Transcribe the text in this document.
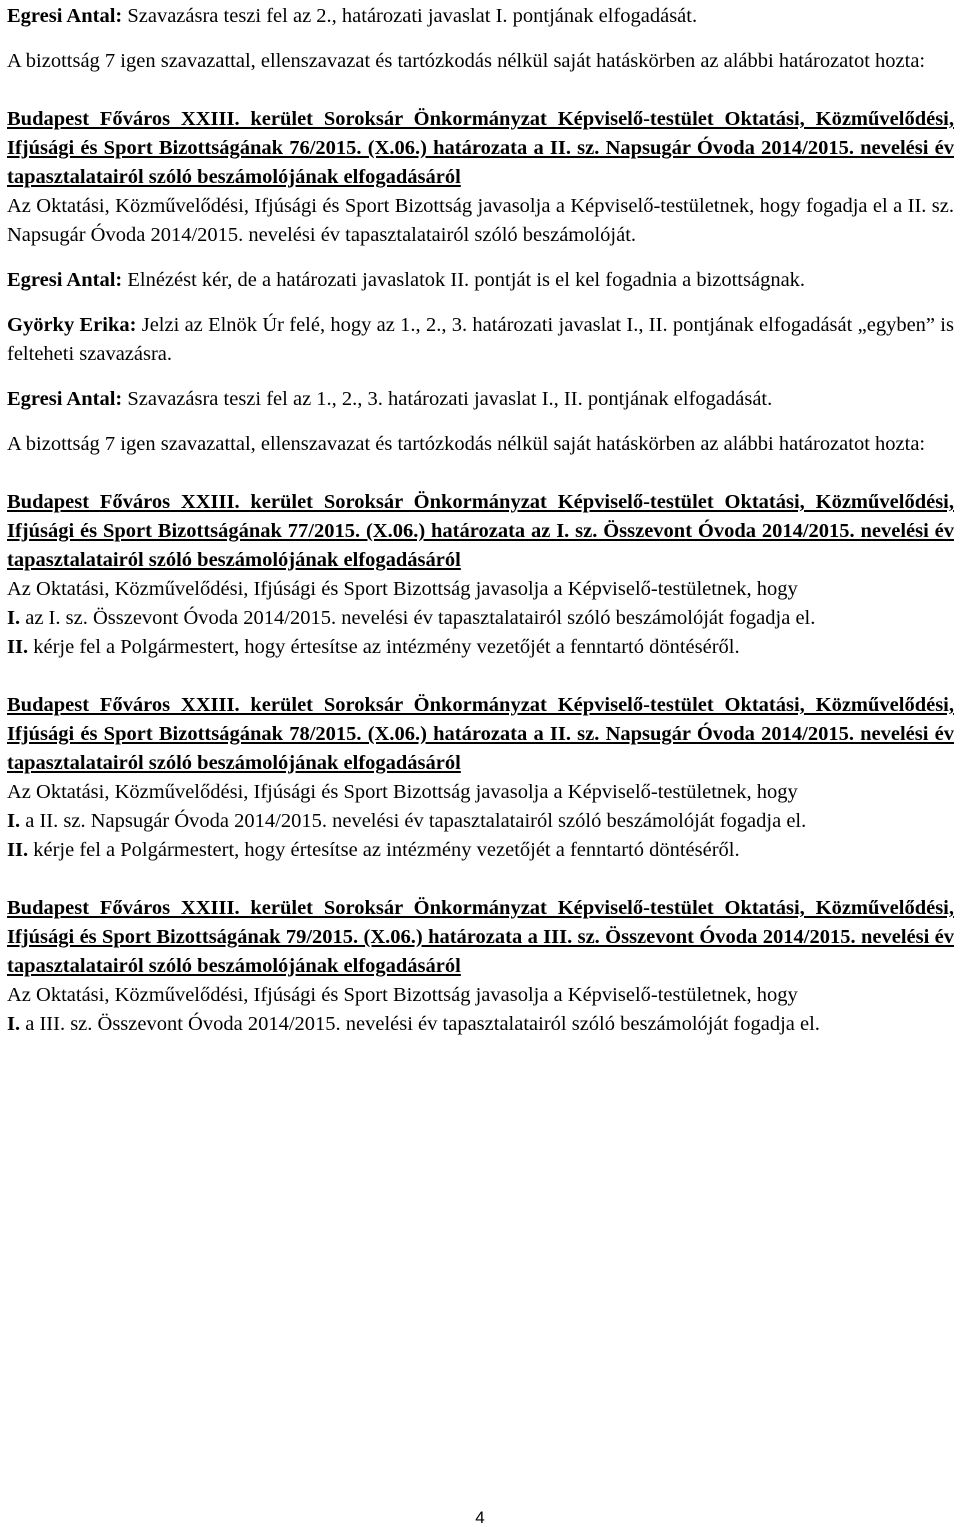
Egresi Antal: Szavazásra teszi fel az 2., határozati javaslat I. pontjának elfogadását.

A bizottság 7 igen szavazattal, ellenszavazat és tartózkodás nélkül saját hatáskörben az alábbi határozatot hozta:

Budapest Főváros XXIII. kerület Soroksár Önkormányzat Képviselő-testület Oktatási, Közművelődési, Ifjúsági és Sport Bizottságának 76/2015. (X.06.) határozata a II. sz. Napsugár Óvoda 2014/2015. nevelési év tapasztalatairól szóló beszámolójának elfogadásáról

Az Oktatási, Közművelődési, Ifjúsági és Sport Bizottság javasolja a Képviselő-testületnek, hogy fogadja el a II. sz. Napsugár Óvoda 2014/2015. nevelési év tapasztalatairól szóló beszámolóját.

Egresi Antal: Elnézést kér, de a határozati javaslatok II. pontját is el kel fogadnia a bizottságnak.

Györky Erika: Jelzi az Elnök Úr felé, hogy az 1., 2., 3. határozati javaslat I., II. pontjának elfogadását „egyben” is felteheti szavazásra.

Egresi Antal: Szavazásra teszi fel az 1., 2., 3. határozati javaslat I., II. pontjának elfogadását.

A bizottság 7 igen szavazattal, ellenszavazat és tartózkodás nélkül saját hatáskörben az alábbi határozatot hozta:

Budapest Főváros XXIII. kerület Soroksár Önkormányzat Képviselő-testület Oktatási, Közművelődési, Ifjúsági és Sport Bizottságának 77/2015. (X.06.) határozata az I. sz. Összevont Óvoda 2014/2015. nevelési év tapasztalatairól szóló beszámolójának elfogadásáról

Az Oktatási, Közművelődési, Ifjúsági és Sport Bizottság javasolja a Képviselő-testületnek, hogy

I. az I. sz. Összevont Óvoda 2014/2015. nevelési év tapasztalatairól szóló beszámolóját fogadja el.

II. kérje fel a Polgármestert, hogy értesítse az intézmény vezetőjét a fenntartó döntéséről.

Budapest Főváros XXIII. kerület Soroksár Önkormányzat Képviselő-testület Oktatási, Közművelődési, Ifjúsági és Sport Bizottságának 78/2015. (X.06.) határozata a II. sz. Napsugár Óvoda 2014/2015. nevelési év tapasztalatairól szóló beszámolójának elfogadásáról

Az Oktatási, Közművelődési, Ifjúsági és Sport Bizottság javasolja a Képviselő-testületnek, hogy

I. a II. sz. Napsugár Óvoda 2014/2015. nevelési év tapasztalatairól szóló beszámolóját fogadja el.

II. kérje fel a Polgármestert, hogy értesítse az intézmény vezetőjét a fenntartó döntéséről.

Budapest Főváros XXIII. kerület Soroksár Önkormányzat Képviselő-testület Oktatási, Közművelődési, Ifjúsági és Sport Bizottságának 79/2015. (X.06.) határozata a III. sz. Összevont Óvoda 2014/2015. nevelési év tapasztalatairól szóló beszámolójának elfogadásáról

Az Oktatási, Közművelődési, Ifjúsági és Sport Bizottság javasolja a Képviselő-testületnek, hogy

I. a III. sz. Összevont Óvoda 2014/2015. nevelési év tapasztalatairól szóló beszámolóját fogadja el.

4
